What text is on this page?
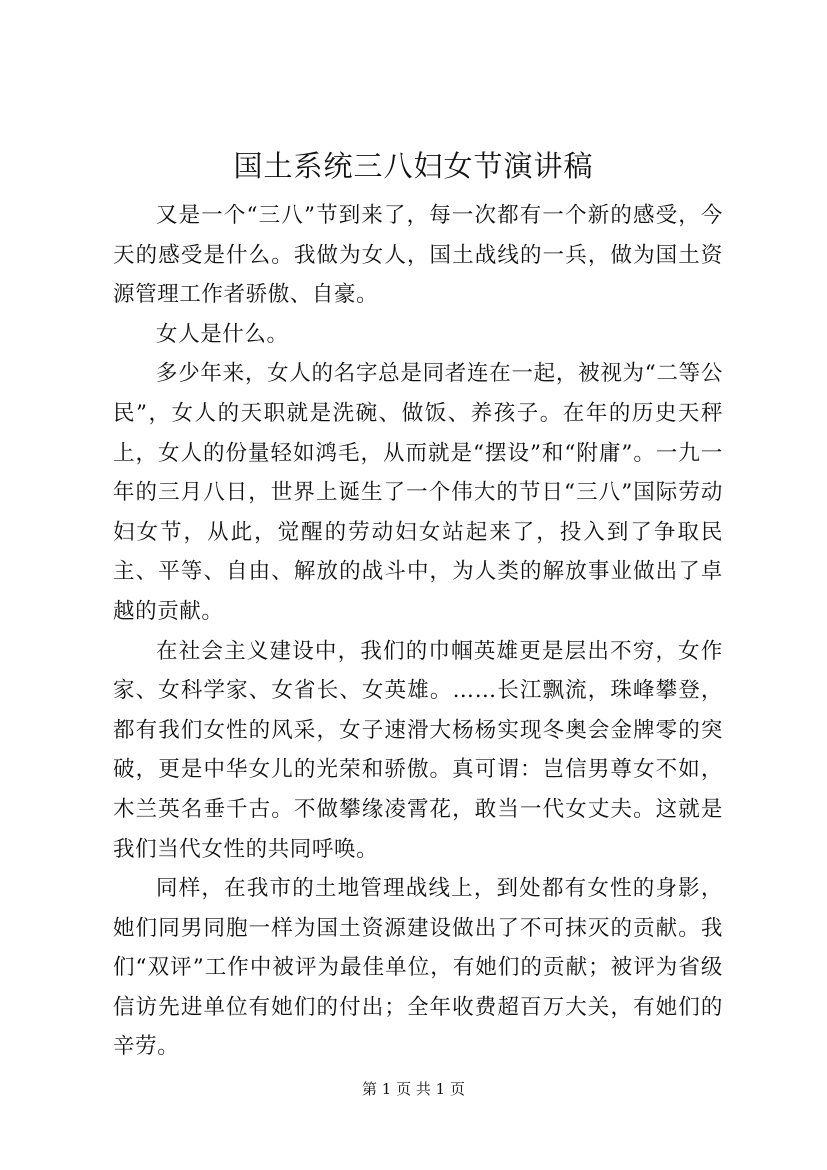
国土系统三八妇女节演讲稿

又是一个“三八”节到来了，每一次都有一个新的感受，今天的感受是什么。我做为女人，国土战线的一兵，做为国土资源管理工作者骄傲、自豪。

女人是什么。

多少年来，女人的名字总是同者连在一起，被视为“二等公民”，女人的天职就是洗碗、做饭、养孩子。在年的历史天秤上，女人的份量轻如鸿毛，从而就是“摆设”和“附庸”。一九一年的三月八日，世界上诞生了一个伟大的节日“三八”国际劳动妇女节，从此，觉醒的劳动妇女站起来了，投入到了争取民主、平等、自由、解放的战斗中，为人类的解放事业做出了卓越的贡献。

在社会主义建设中，我们的巾帼英雄更是层出不穷，女作家、女科学家、女省长、女英雄。……长江飘流，珠峰攀登，都有我们女性的风采，女子速滑大杨杨实现冬奥会金牌零的突破，更是中华女儿的光荣和骄傲。真可谓：岂信男尊女不如，木兰英名垂千古。不做攀缘凌霄花，敢当一代女丈夫。这就是我们当代女性的共同呼唤。

同样，在我市的土地管理战线上，到处都有女性的身影，她们同男同胞一样为国土资源建设做出了不可抹灭的贡献。我们“双评”工作中被评为最佳单位，有她们的贡献；被评为省级信访先进单位有她们的付出；全年收费超百万大关，有她们的辛劳。

第 1 页 共 1 页
